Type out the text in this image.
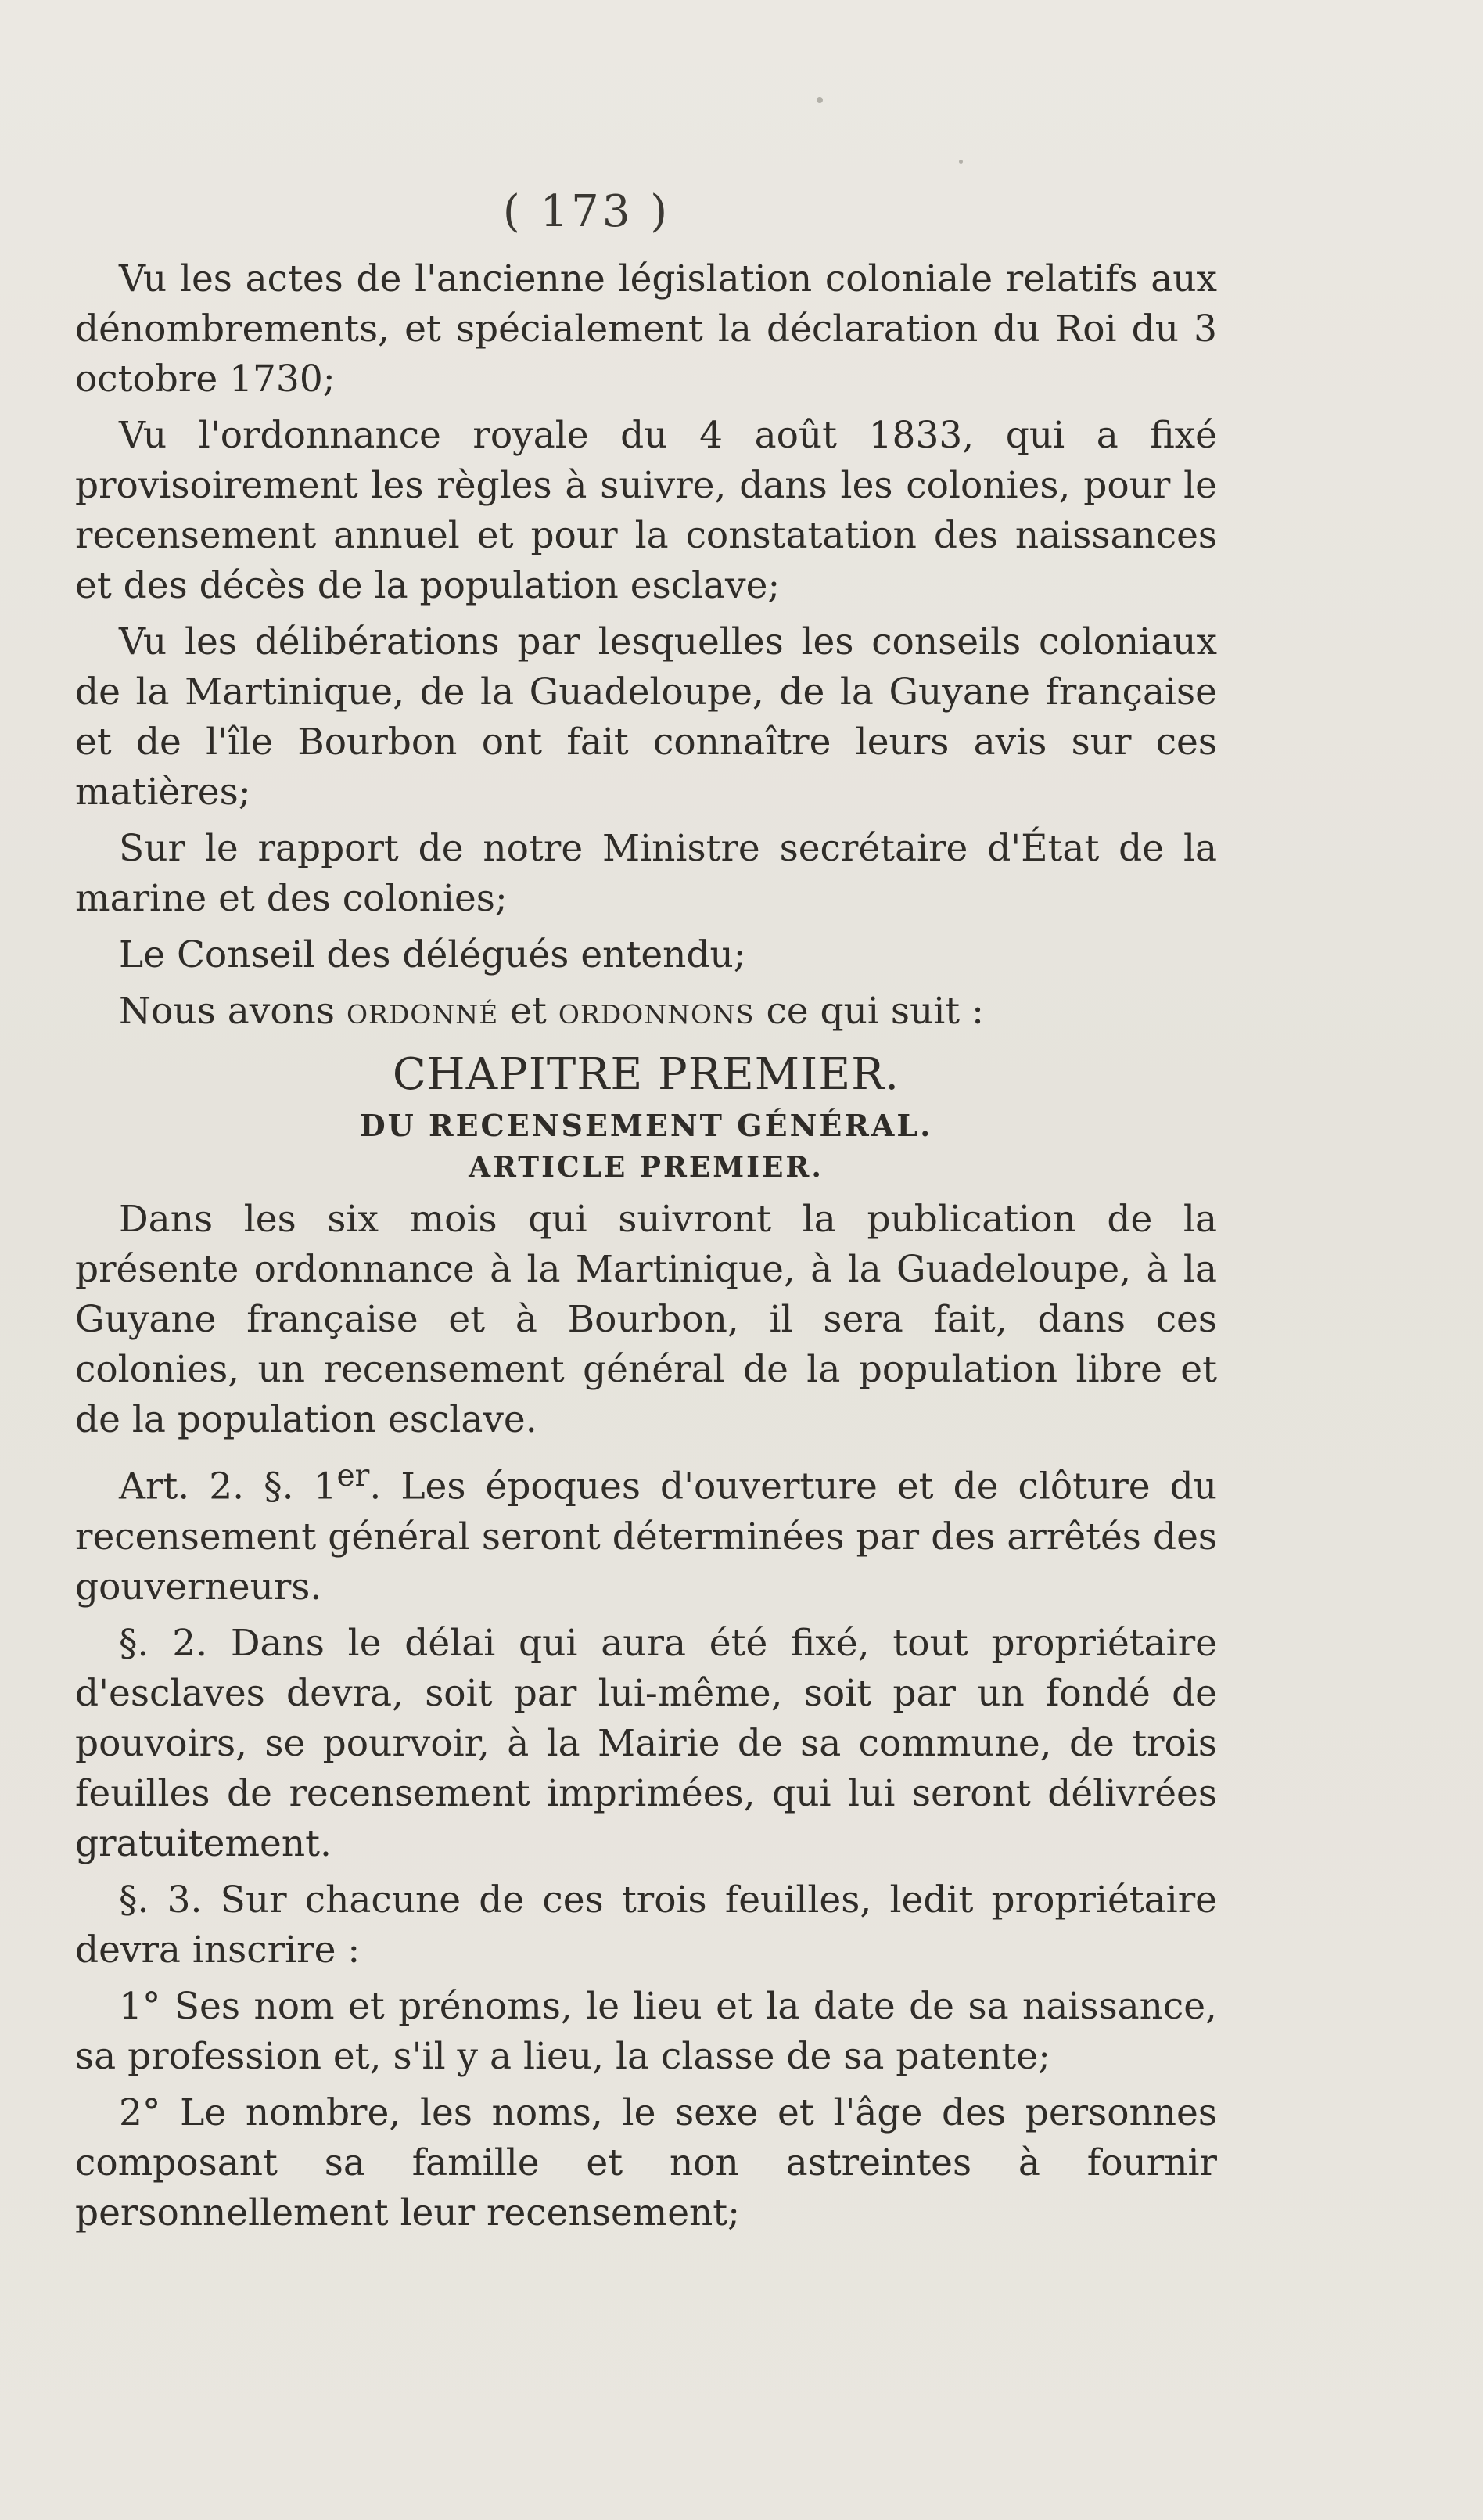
( 173 )

Vu les actes de l'ancienne législation coloniale relatifs aux dénombrements, et spécialement la déclaration du Roi du 3 octobre 1730;

Vu l'ordonnance royale du 4 août 1833, qui a fixé provisoirement les règles à suivre, dans les colonies, pour le recensement annuel et pour la constatation des naissances et des décès de la population esclave;

Vu les délibérations par lesquelles les conseils coloniaux de la Martinique, de la Guadeloupe, de la Guyane française et de l'île Bourbon ont fait connaître leurs avis sur ces matières;

Sur le rapport de notre Ministre secrétaire d'État de la marine et des colonies;

Le Conseil des délégués entendu;

Nous avons ordonné et ordonnons ce qui suit :

CHAPITRE PREMIER.
DU RECENSEMENT GÉNÉRAL.
ARTICLE PREMIER.

Dans les six mois qui suivront la publication de la présente ordonnance à la Martinique, à la Guadeloupe, à la Guyane française et à Bourbon, il sera fait, dans ces colonies, un recensement général de la population libre et de la population esclave.

Art. 2. §. 1er. Les époques d'ouverture et de clôture du recensement général seront déterminées par des arrêtés des gouverneurs.

§. 2. Dans le délai qui aura été fixé, tout propriétaire d'esclaves devra, soit par lui-même, soit par un fondé de pouvoirs, se pourvoir, à la Mairie de sa commune, de trois feuilles de recensement imprimées, qui lui seront délivrées gratuitement.

§. 3. Sur chacune de ces trois feuilles, ledit propriétaire devra inscrire :

1° Ses nom et prénoms, le lieu et la date de sa naissance, sa profession et, s'il y a lieu, la classe de sa patente;

2° Le nombre, les noms, le sexe et l'âge des personnes composant sa famille et non astreintes à fournir personnellement leur recensement;
